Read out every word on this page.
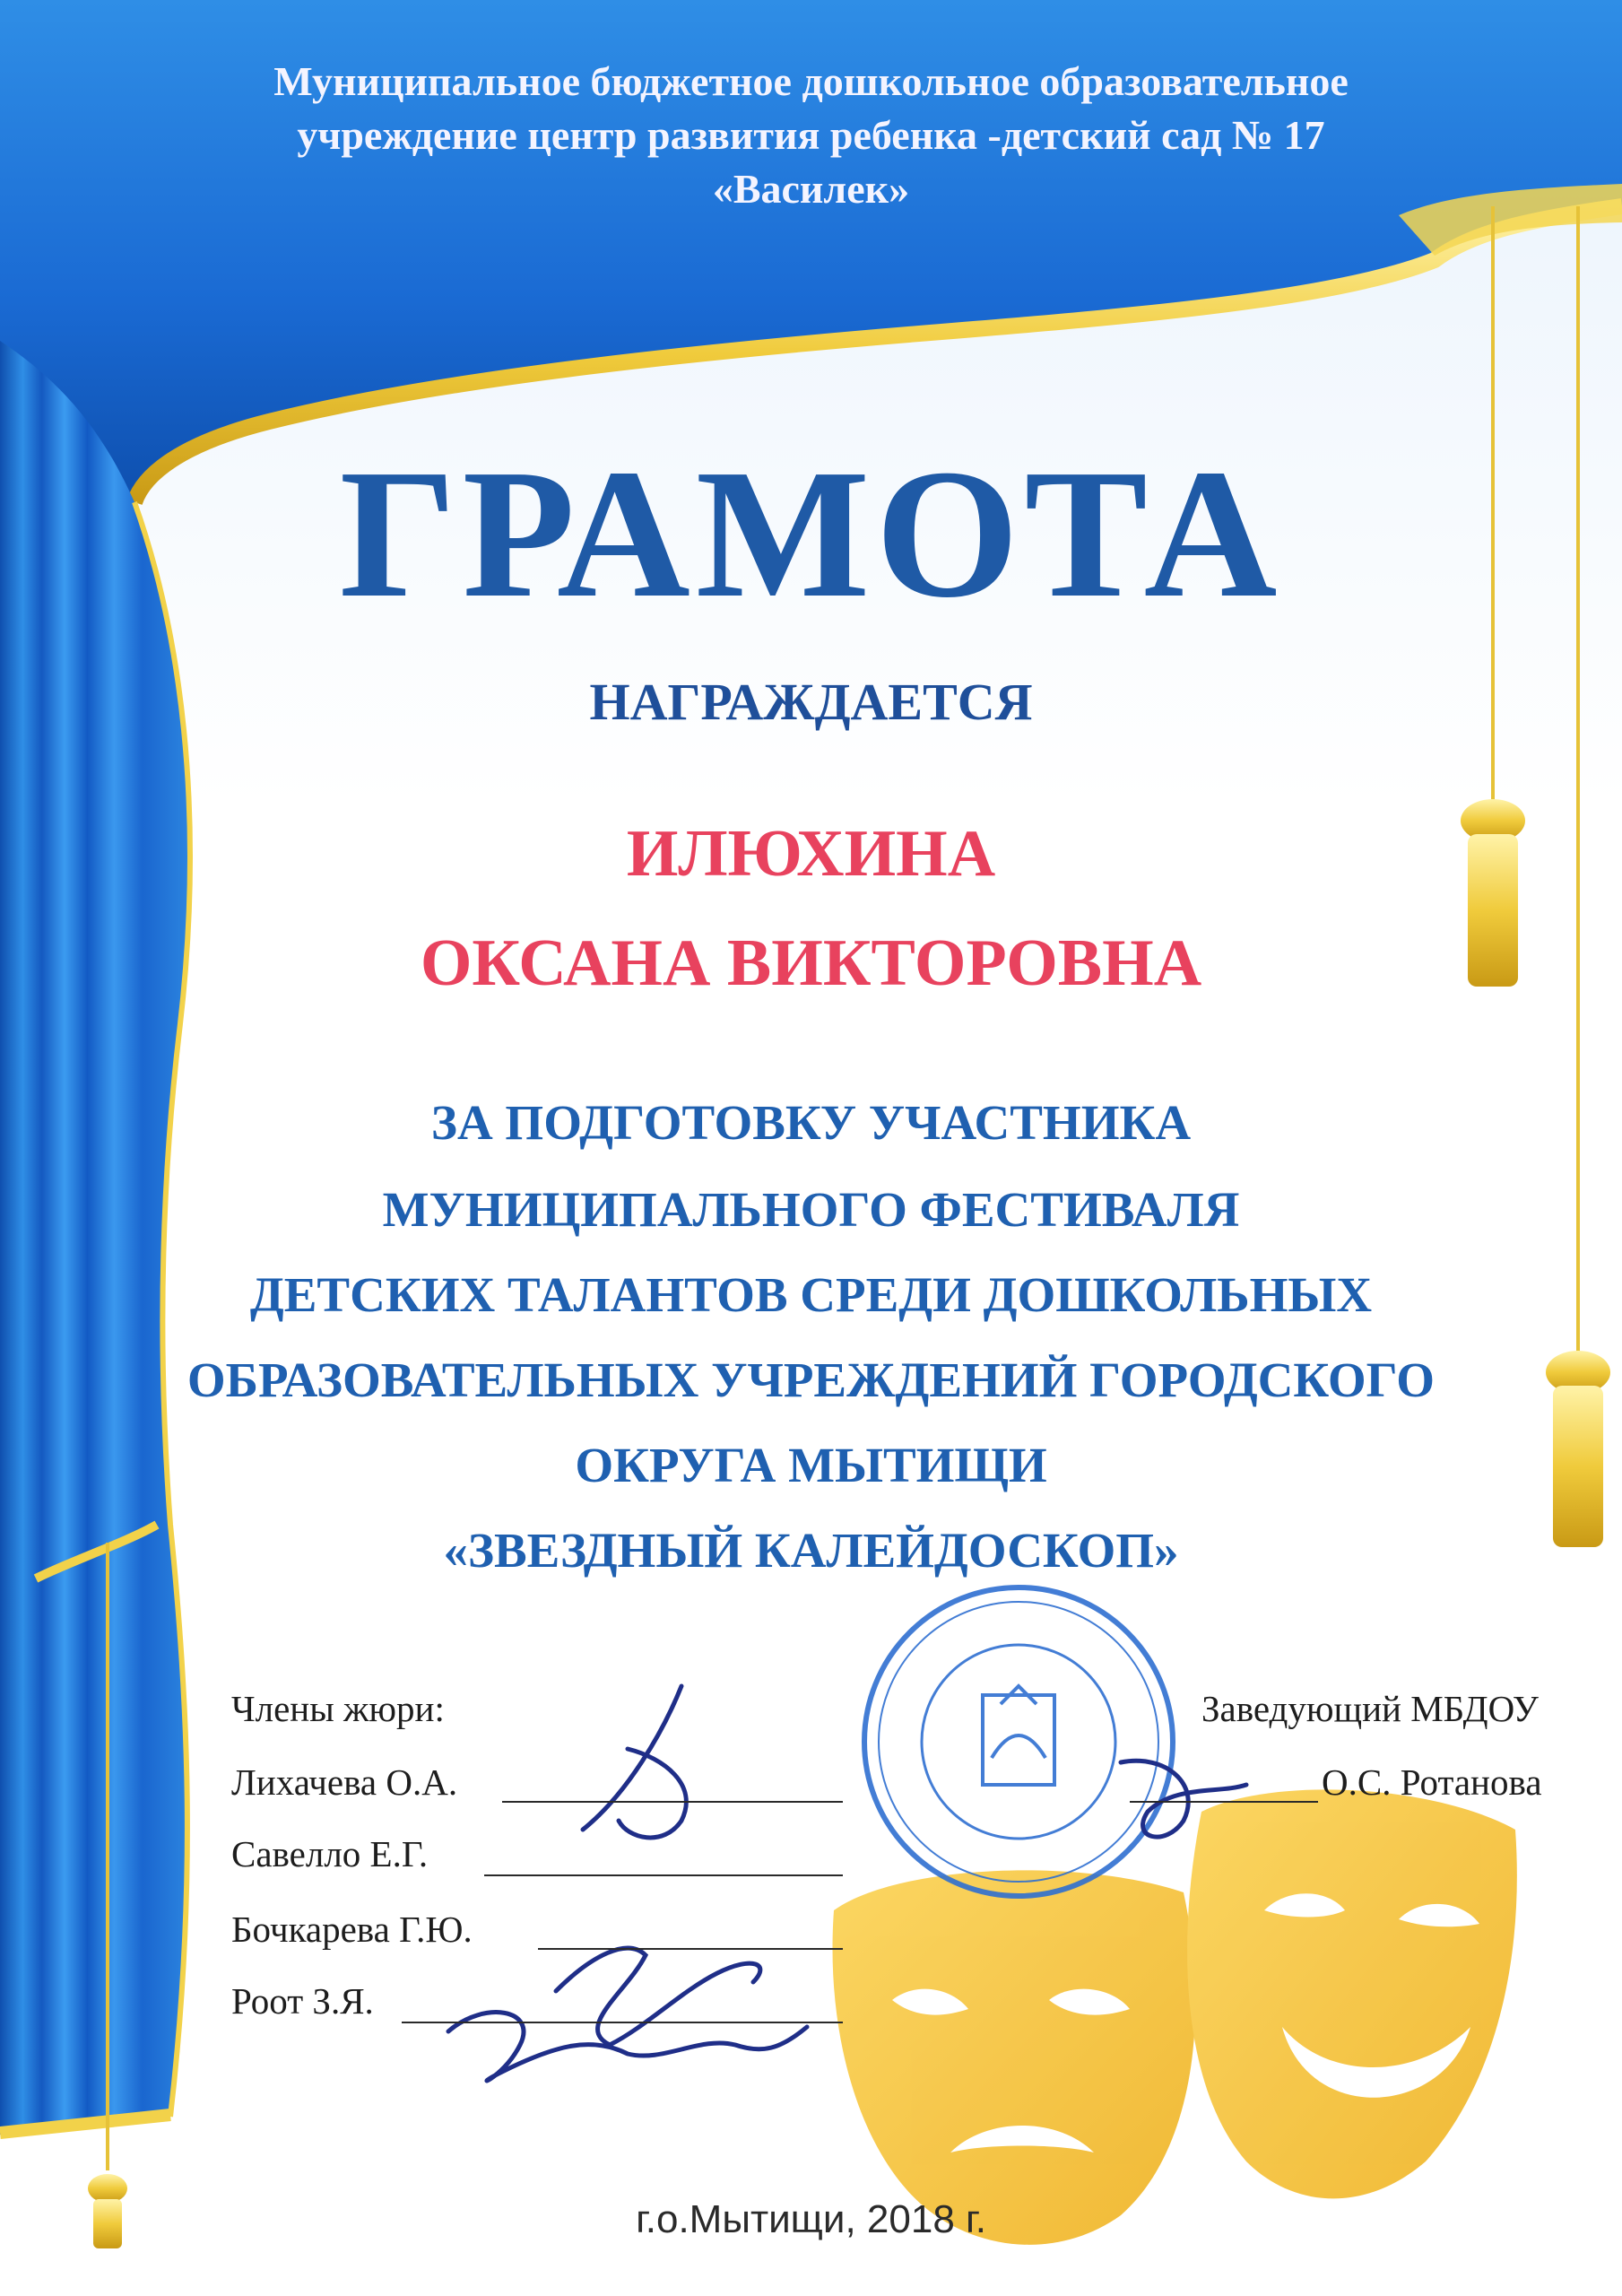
Муниципальное бюджетное дошкольное образовательное

учреждение центр развития ребенка -детский сад № 17

«Василек»

ГРАМОТА

НАГРАЖДАЕТСЯ

ИЛЮХИНА

ОКСАНА ВИКТОРОВНА

ЗА ПОДГОТОВКУ УЧАСТНИКА

МУНИЦИПАЛЬНОГО ФЕСТИВАЛЯ

ДЕТСКИХ ТАЛАНТОВ СРЕДИ ДОШКОЛЬНЫХ

ОБРАЗОВАТЕЛЬНЫХ УЧРЕЖДЕНИЙ ГОРОДСКОГО

ОКРУГА МЫТИЩИ

«ЗВЕЗДНЫЙ КАЛЕЙДОСКОП»

Члены жюри:
Лихачева О.А.
Савелло Е.Г.
Бочкарева Г.Ю.
Роот З.Я.
Заведующий МБДОУ
О.С. Ротанова

г.о.Мытищи, 2018 г.
